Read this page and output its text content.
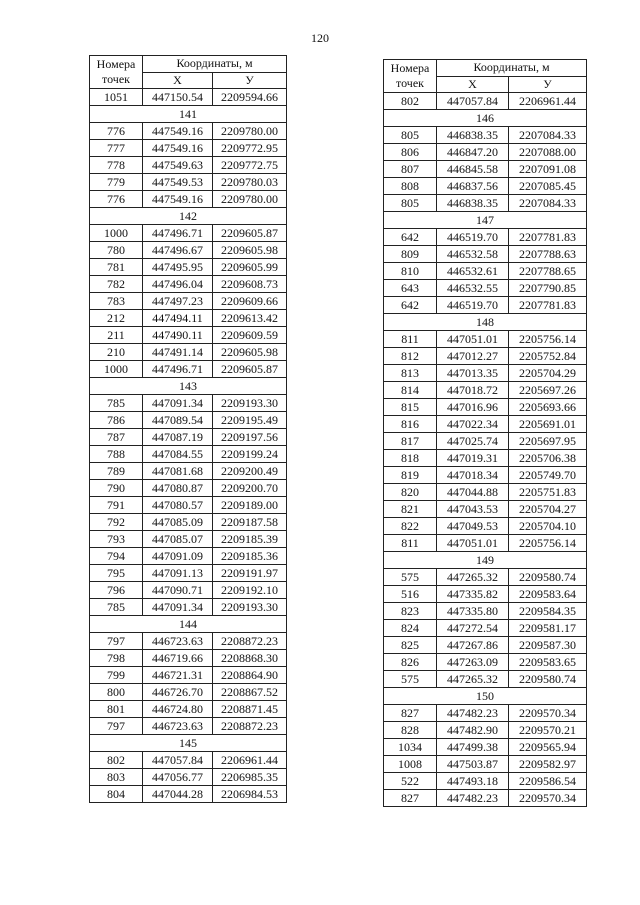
120
Номера
точек	Координаты, м	
	X	У
1051	447150.54	2209594.66
141		
776	447549.16	2209780.00
777	447549.16	2209772.95
778	447549.63	2209772.75
779	447549.53	2209780.03
776	447549.16	2209780.00
142		
1000	447496.71	2209605.87
780	447496.67	2209605.98
781	447495.95	2209605.99
782	447496.04	2209608.73
783	447497.23	2209609.66
212	447494.11	2209613.42
211	447490.11	2209609.59
210	447491.14	2209605.98
1000	447496.71	2209605.87
143		
785	447091.34	2209193.30
786	447089.54	2209195.49
787	447087.19	2209197.56
788	447084.55	2209199.24
789	447081.68	2209200.49
790	447080.87	2209200.70
791	447080.57	2209189.00
792	447085.09	2209187.58
793	447085.07	2209185.39
794	447091.09	2209185.36
795	447091.13	2209191.97
796	447090.71	2209192.10
785	447091.34	2209193.30
144		
797	446723.63	2208872.23
798	446719.66	2208868.30
799	446721.31	2208864.90
800	446726.70	2208867.52
801	446724.80	2208871.45
797	446723.63	2208872.23
145		
802	447057.84	2206961.44
803	447056.77	2206985.35
804	447044.28	2206984.53
Номера
точек	Координаты, м	
	X	У
802	447057.84	2206961.44
146		
805	446838.35	2207084.33
806	446847.20	2207088.00
807	446845.58	2207091.08
808	446837.56	2207085.45
805	446838.35	2207084.33
147		
642	446519.70	2207781.83
809	446532.58	2207788.63
810	446532.61	2207788.65
643	446532.55	2207790.85
642	446519.70	2207781.83
148		
811	447051.01	2205756.14
812	447012.27	2205752.84
813	447013.35	2205704.29
814	447018.72	2205697.26
815	447016.96	2205693.66
816	447022.34	2205691.01
817	447025.74	2205697.95
818	447019.31	2205706.38
819	447018.34	2205749.70
820	447044.88	2205751.83
821	447043.53	2205704.27
822	447049.53	2205704.10
811	447051.01	2205756.14
149		
575	447265.32	2209580.74
516	447335.82	2209583.64
823	447335.80	2209584.35
824	447272.54	2209581.17
825	447267.86	2209587.30
826	447263.09	2209583.65
575	447265.32	2209580.74
150		
827	447482.23	2209570.34
828	447482.90	2209570.21
1034	447499.38	2209565.94
1008	447503.87	2209582.97
522	447493.18	2209586.54
827	447482.23	2209570.34
